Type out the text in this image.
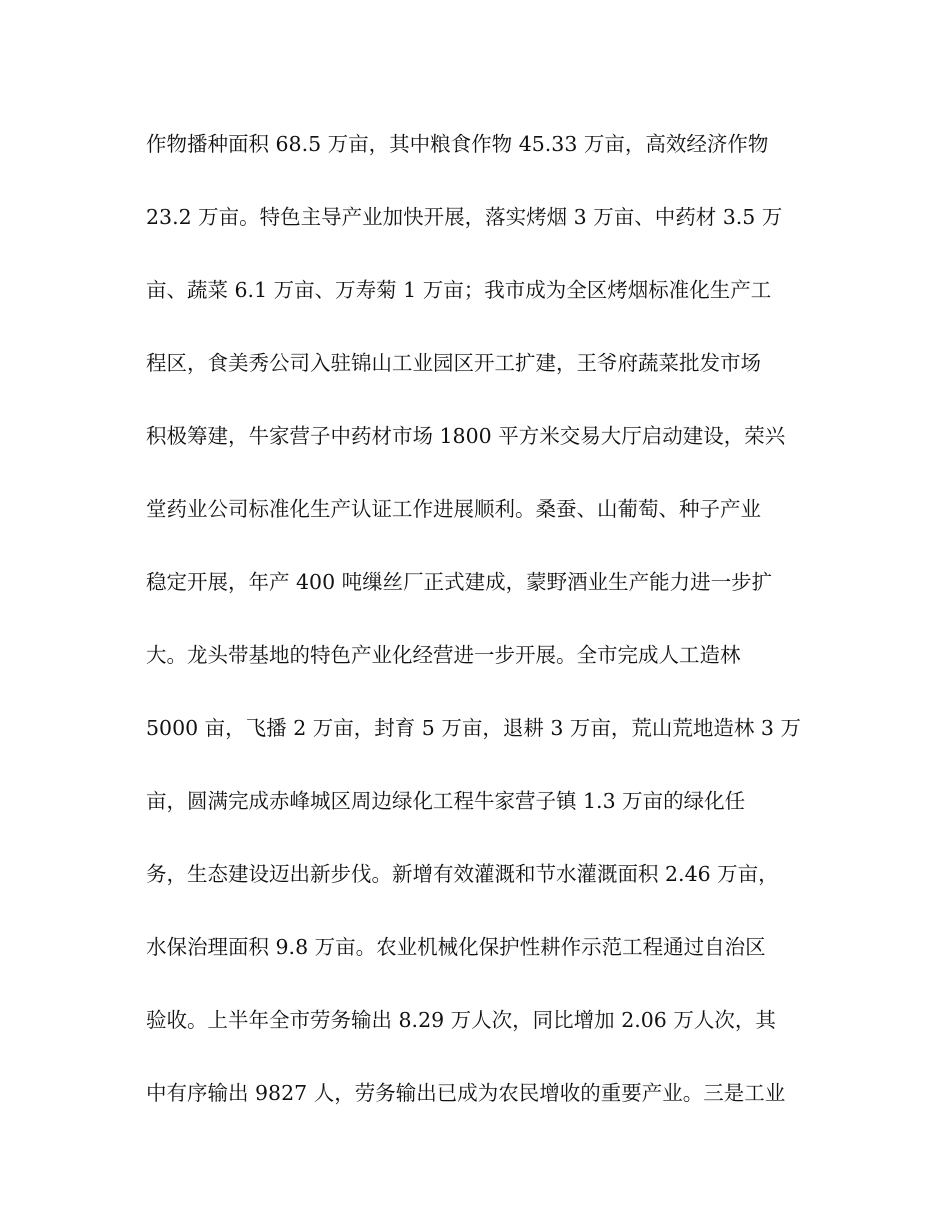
作物播种面积 68.5 万亩，其中粮食作物 45.33 万亩，高效经济作物
23.2 万亩。特色主导产业加快开展，落实烤烟 3 万亩、中药材 3.5 万
亩、蔬菜 6.1 万亩、万寿菊 1 万亩；我市成为全区烤烟标准化生产工
程区，食美秀公司入驻锦山工业园区开工扩建，王爷府蔬菜批发市场
积极筹建，牛家营子中药材市场 1800 平方米交易大厅启动建设，荣兴
堂药业公司标准化生产认证工作进展顺利。桑蚕、山葡萄、种子产业
稳定开展，年产 400 吨缫丝厂正式建成，蒙野酒业生产能力进一步扩
大。龙头带基地的特色产业化经营进一步开展。全市完成人工造林
5000 亩，飞播 2 万亩，封育 5 万亩，退耕 3 万亩，荒山荒地造林 3 万
亩，圆满完成赤峰城区周边绿化工程牛家营子镇 1.3 万亩的绿化任
务，生态建设迈出新步伐。新增有效灌溉和节水灌溉面积 2.46 万亩，
水保治理面积 9.8 万亩。农业机械化保护性耕作示范工程通过自治区
验收。上半年全市劳务输出 8.29 万人次，同比增加 2.06 万人次，其
中有序输出 9827 人，劳务输出已成为农民增收的重要产业。三是工业
